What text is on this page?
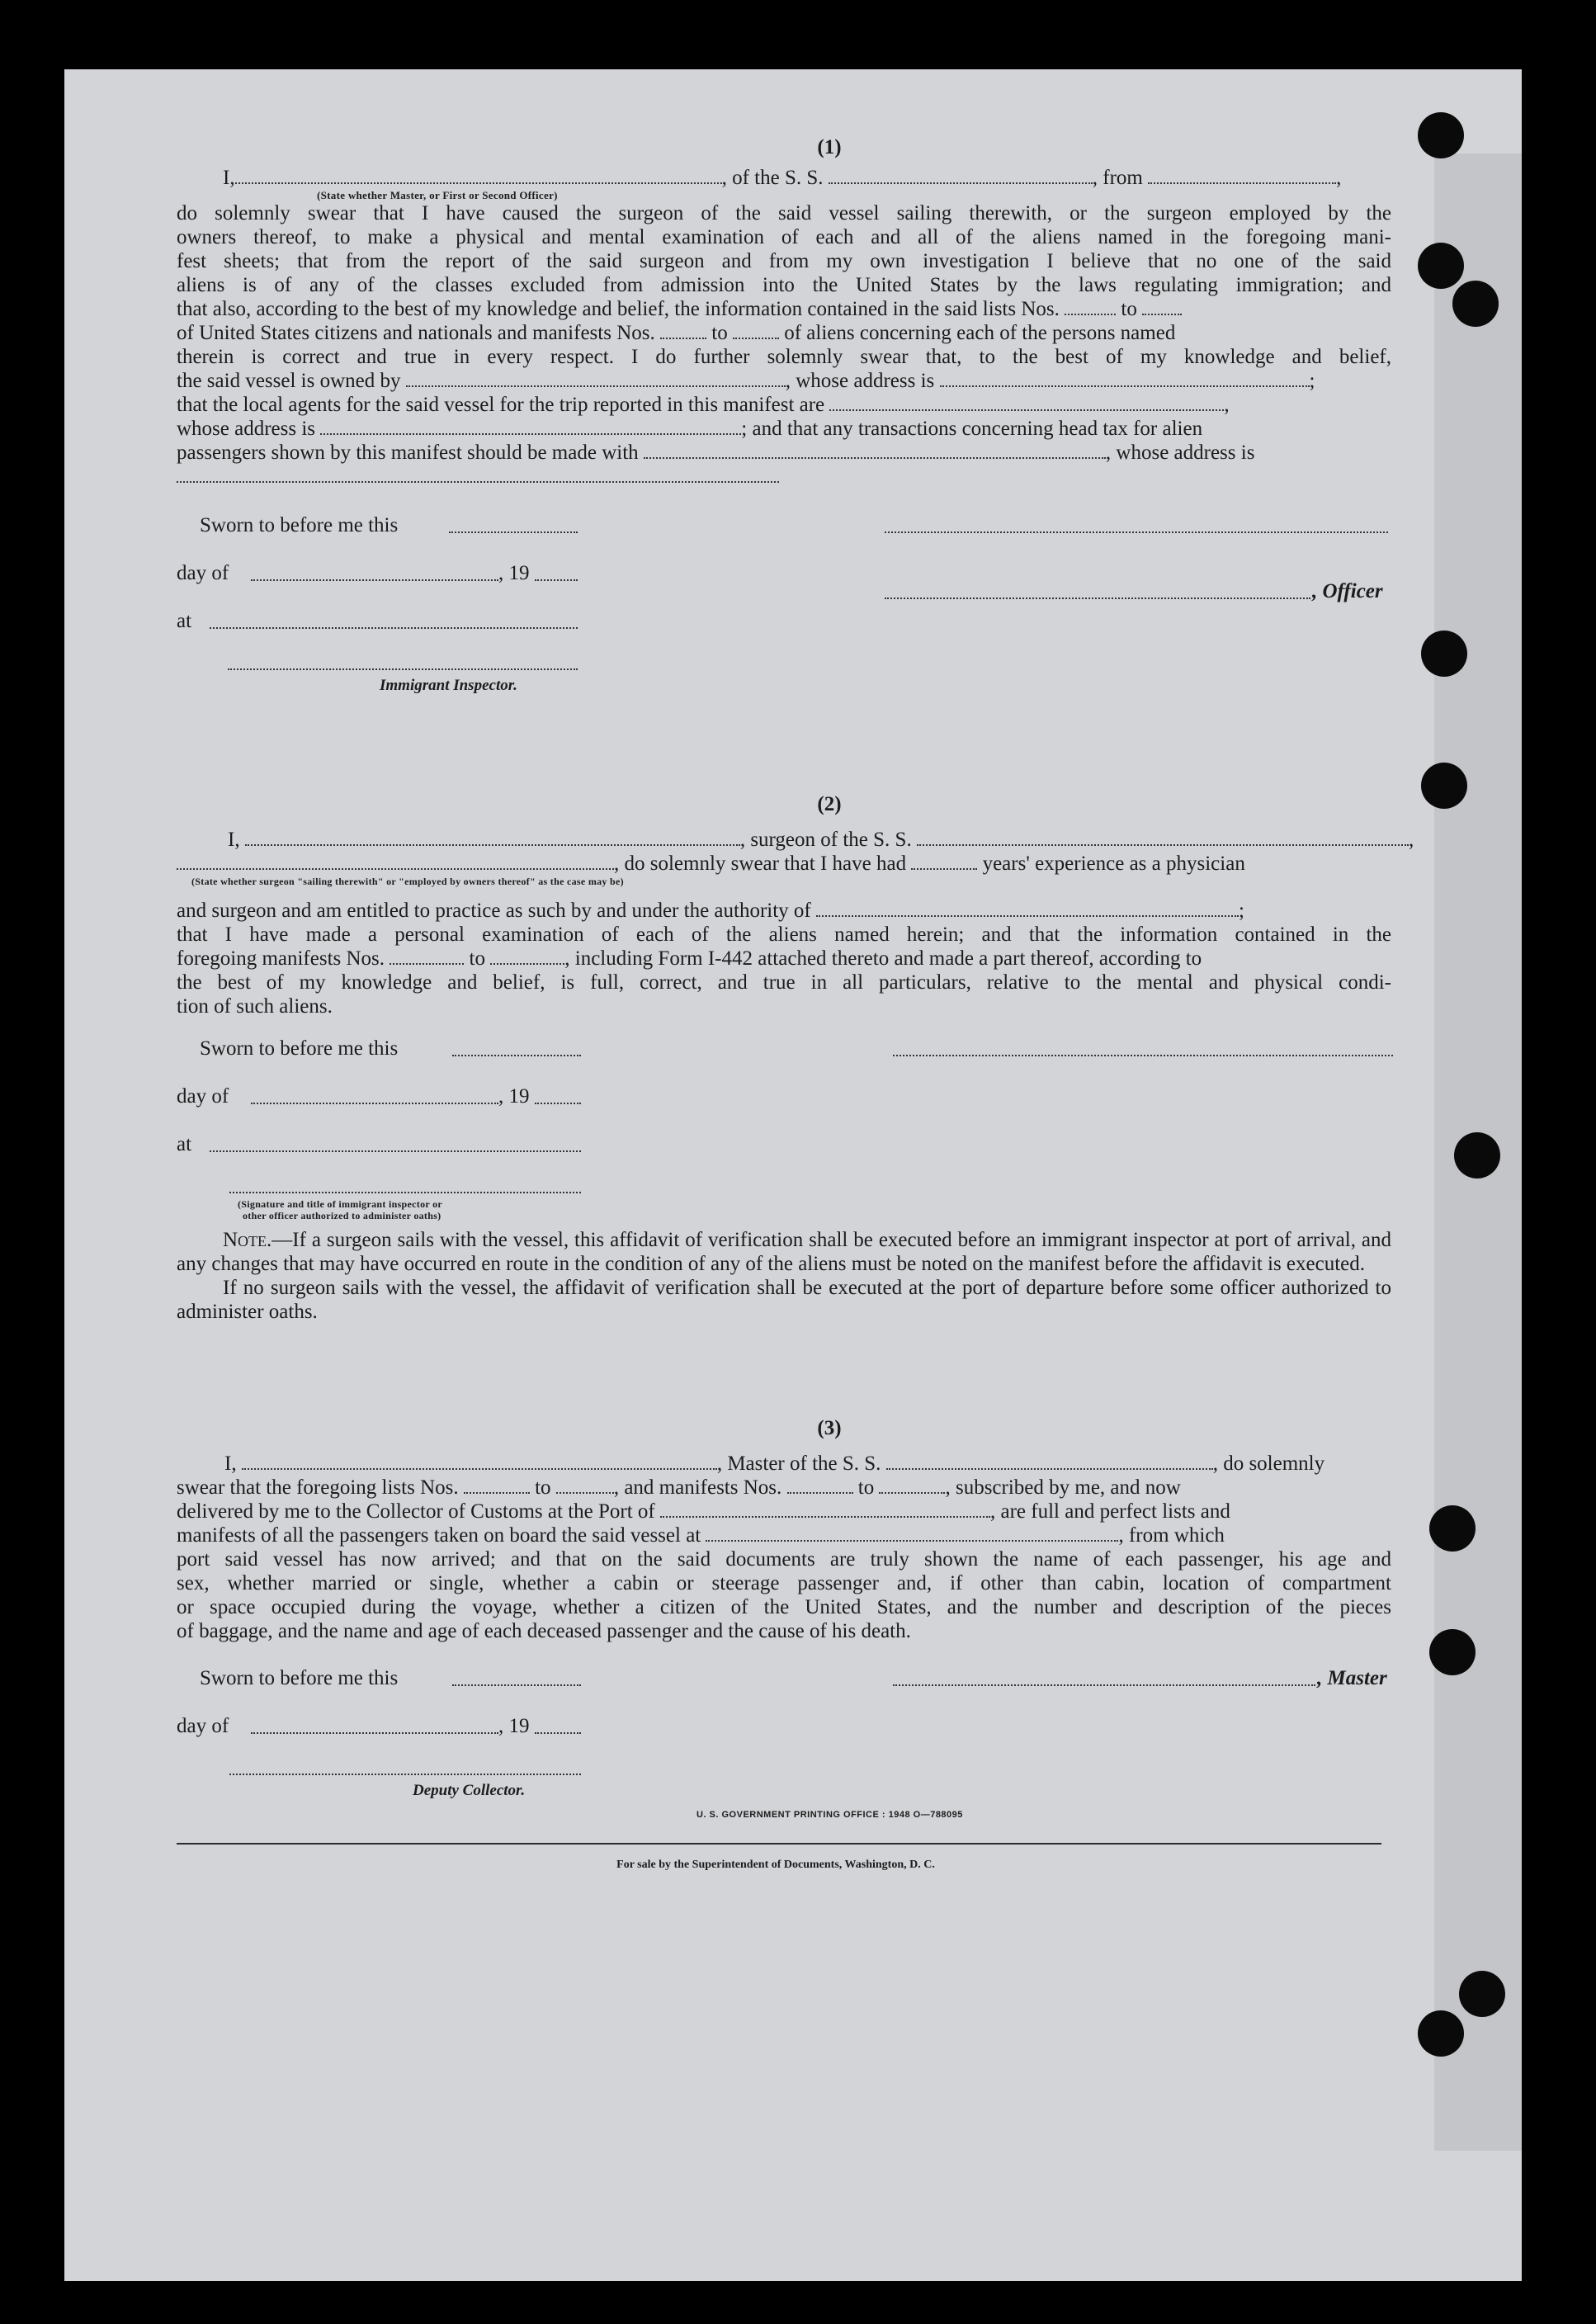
(1)
I,	, of the S. S.	, from	,
(State whether Master, or First or Second Officer)
do solemnly swear that I have caused the surgeon of the said vessel sailing therewith, or the surgeon employed by the
owners thereof, to make a physical and mental examination of each and all of the aliens named in the foregoing mani-
fest sheets; that from the report of the said surgeon and from my own investigation I believe that no one of the said
aliens is of any of the classes excluded from admission into the United States by the laws regulating immigration; and
that also, according to the best of my knowledge and belief, the information contained in the said lists Nos.	to
of United States citizens and nationals and manifests Nos.	to	of aliens concerning each of the persons named
therein is correct and true in every respect. I do further solemnly swear that, to the best of my knowledge and belief,
the said vessel is owned by	, whose address is	;
that the local agents for the said vessel for the trip reported in this manifest are	,
whose address is	; and that any transactions concerning head tax for alien
passengers shown by this manifest should be made with	, whose address is
Sworn to before me this
day of	, 19
, Officer
at
Immigrant Inspector.
(2)
I,	, surgeon of the S. S.	,
, do solemnly swear that I have had	years' experience as a physician
(State whether surgeon "sailing therewith" or "employed by owners thereof" as the case may be)
and surgeon and am entitled to practice as such by and under the authority of	;
that I have made a personal examination of each of the aliens named herein; and that the information contained in the
foregoing manifests Nos.	to	, including Form I-442 attached thereto and made a part thereof, according to
the best of my knowledge and belief, is full, correct, and true in all particulars, relative to the mental and physical condi-
tion of such aliens.
Sworn to before me this
day of	, 19
at
(Signature and title of immigrant inspector or
other officer authorized to administer oaths)

Note.—If a surgeon sails with the vessel, this affidavit of verification shall be executed before an immigrant inspector at port of arrival, and any changes that may have occurred en route in the condition of any of the aliens must be noted on the manifest before the affidavit is executed.

If no surgeon sails with the vessel, the affidavit of verification shall be executed at the port of departure before some officer authorized to administer oaths.

(3)
I,	, Master of the S. S.	, do solemnly
swear that the foregoing lists Nos.	to	, and manifests Nos.	to	, subscribed by me, and now
delivered by me to the Collector of Customs at the Port of	, are full and perfect lists and
manifests of all the passengers taken on board the said vessel at	, from which
port said vessel has now arrived; and that on the said documents are truly shown the name of each passenger, his age and
sex, whether married or single, whether a cabin or steerage passenger and, if other than cabin, location of compartment
or space occupied during the voyage, whether a citizen of the United States, and the number and description of the pieces
of baggage, and the name and age of each deceased passenger and the cause of his death.
Sworn to before me this	, Master
day of	, 19
Deputy Collector.
U. S. GOVERNMENT PRINTING OFFICE : 1948 O—788095
For sale by the Superintendent of Documents, Washington, D. C.
